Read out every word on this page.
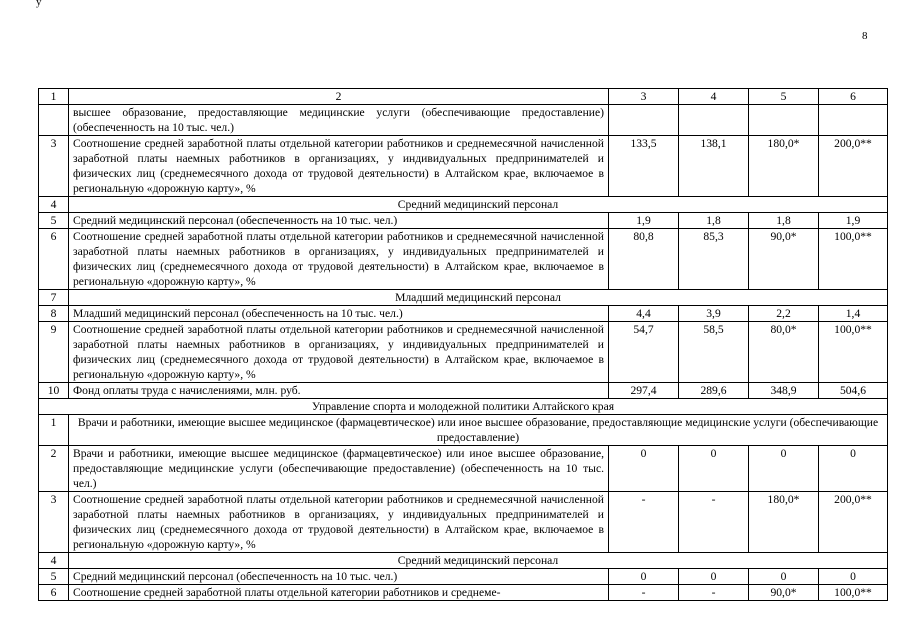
у
8
1	2	3	4	5	6
	высшее образование, предоставляющие медицинские услуги (обеспечивающие предоставление) (обеспеченность на 10 тыс. чел.)				
3	Соотношение средней заработной платы отдельной категории работников и среднемесячной начисленной заработной платы наемных работников в организациях, у индивидуальных предпринимателей и физических лиц (среднемесячного дохода от трудовой деятельности) в Алтайском крае, включаемое в региональную «дорожную карту», %	133,5	138,1	180,0*	200,0**
4	Средний медицинский персонал				
5	Средний медицинский персонал (обеспеченность на 10 тыс. чел.)	1,9	1,8	1,8	1,9
6	Соотношение средней заработной платы отдельной категории работников и среднемесячной начисленной заработной платы наемных работников в организациях, у индивидуальных предпринимателей и физических лиц (среднемесячного дохода от трудовой деятельности) в Алтайском крае, включаемое в региональную «дорожную карту», %	80,8	85,3	90,0*	100,0**
7	Младший медицинский персонал				
8	Младший медицинский персонал (обеспеченность на 10 тыс. чел.)	4,4	3,9	2,2	1,4
9	Соотношение средней заработной платы отдельной категории работников и среднемесячной начисленной заработной платы наемных работников в организациях, у индивидуальных предпринимателей и физических лиц (среднемесячного дохода от трудовой деятельности) в Алтайском крае, включаемое в региональную «дорожную карту», %	54,7	58,5	80,0*	100,0**
10	Фонд оплаты труда с начислениями, млн. руб.	297,4	289,6	348,9	504,6
Управление спорта и молодежной политики Алтайского края					
1	Врачи и работники, имеющие высшее медицинское (фармацевтическое) или иное высшее образование, предоставляющие медицинские услуги (обеспечивающие предоставление)				
2	Врачи и работники, имеющие высшее медицинское (фармацевтическое) или иное высшее образование, предоставляющие медицинские услуги (обеспечивающие предоставление) (обеспеченность на 10 тыс. чел.)	0	0	0	0
3	Соотношение средней заработной платы отдельной категории работников и среднемесячной начисленной заработной платы наемных работников в организациях, у индивидуальных предпринимателей и физических лиц (среднемесячного дохода от трудовой деятельности) в Алтайском крае, включаемое в региональную «дорожную карту», %	-	-	180,0*	200,0**
4	Средний медицинский персонал				
5	Средний медицинский персонал (обеспеченность на 10 тыс. чел.)	0	0	0	0
6	Соотношение средней заработной платы отдельной категории работников и среднеме-	-	-	90,0*	100,0**
